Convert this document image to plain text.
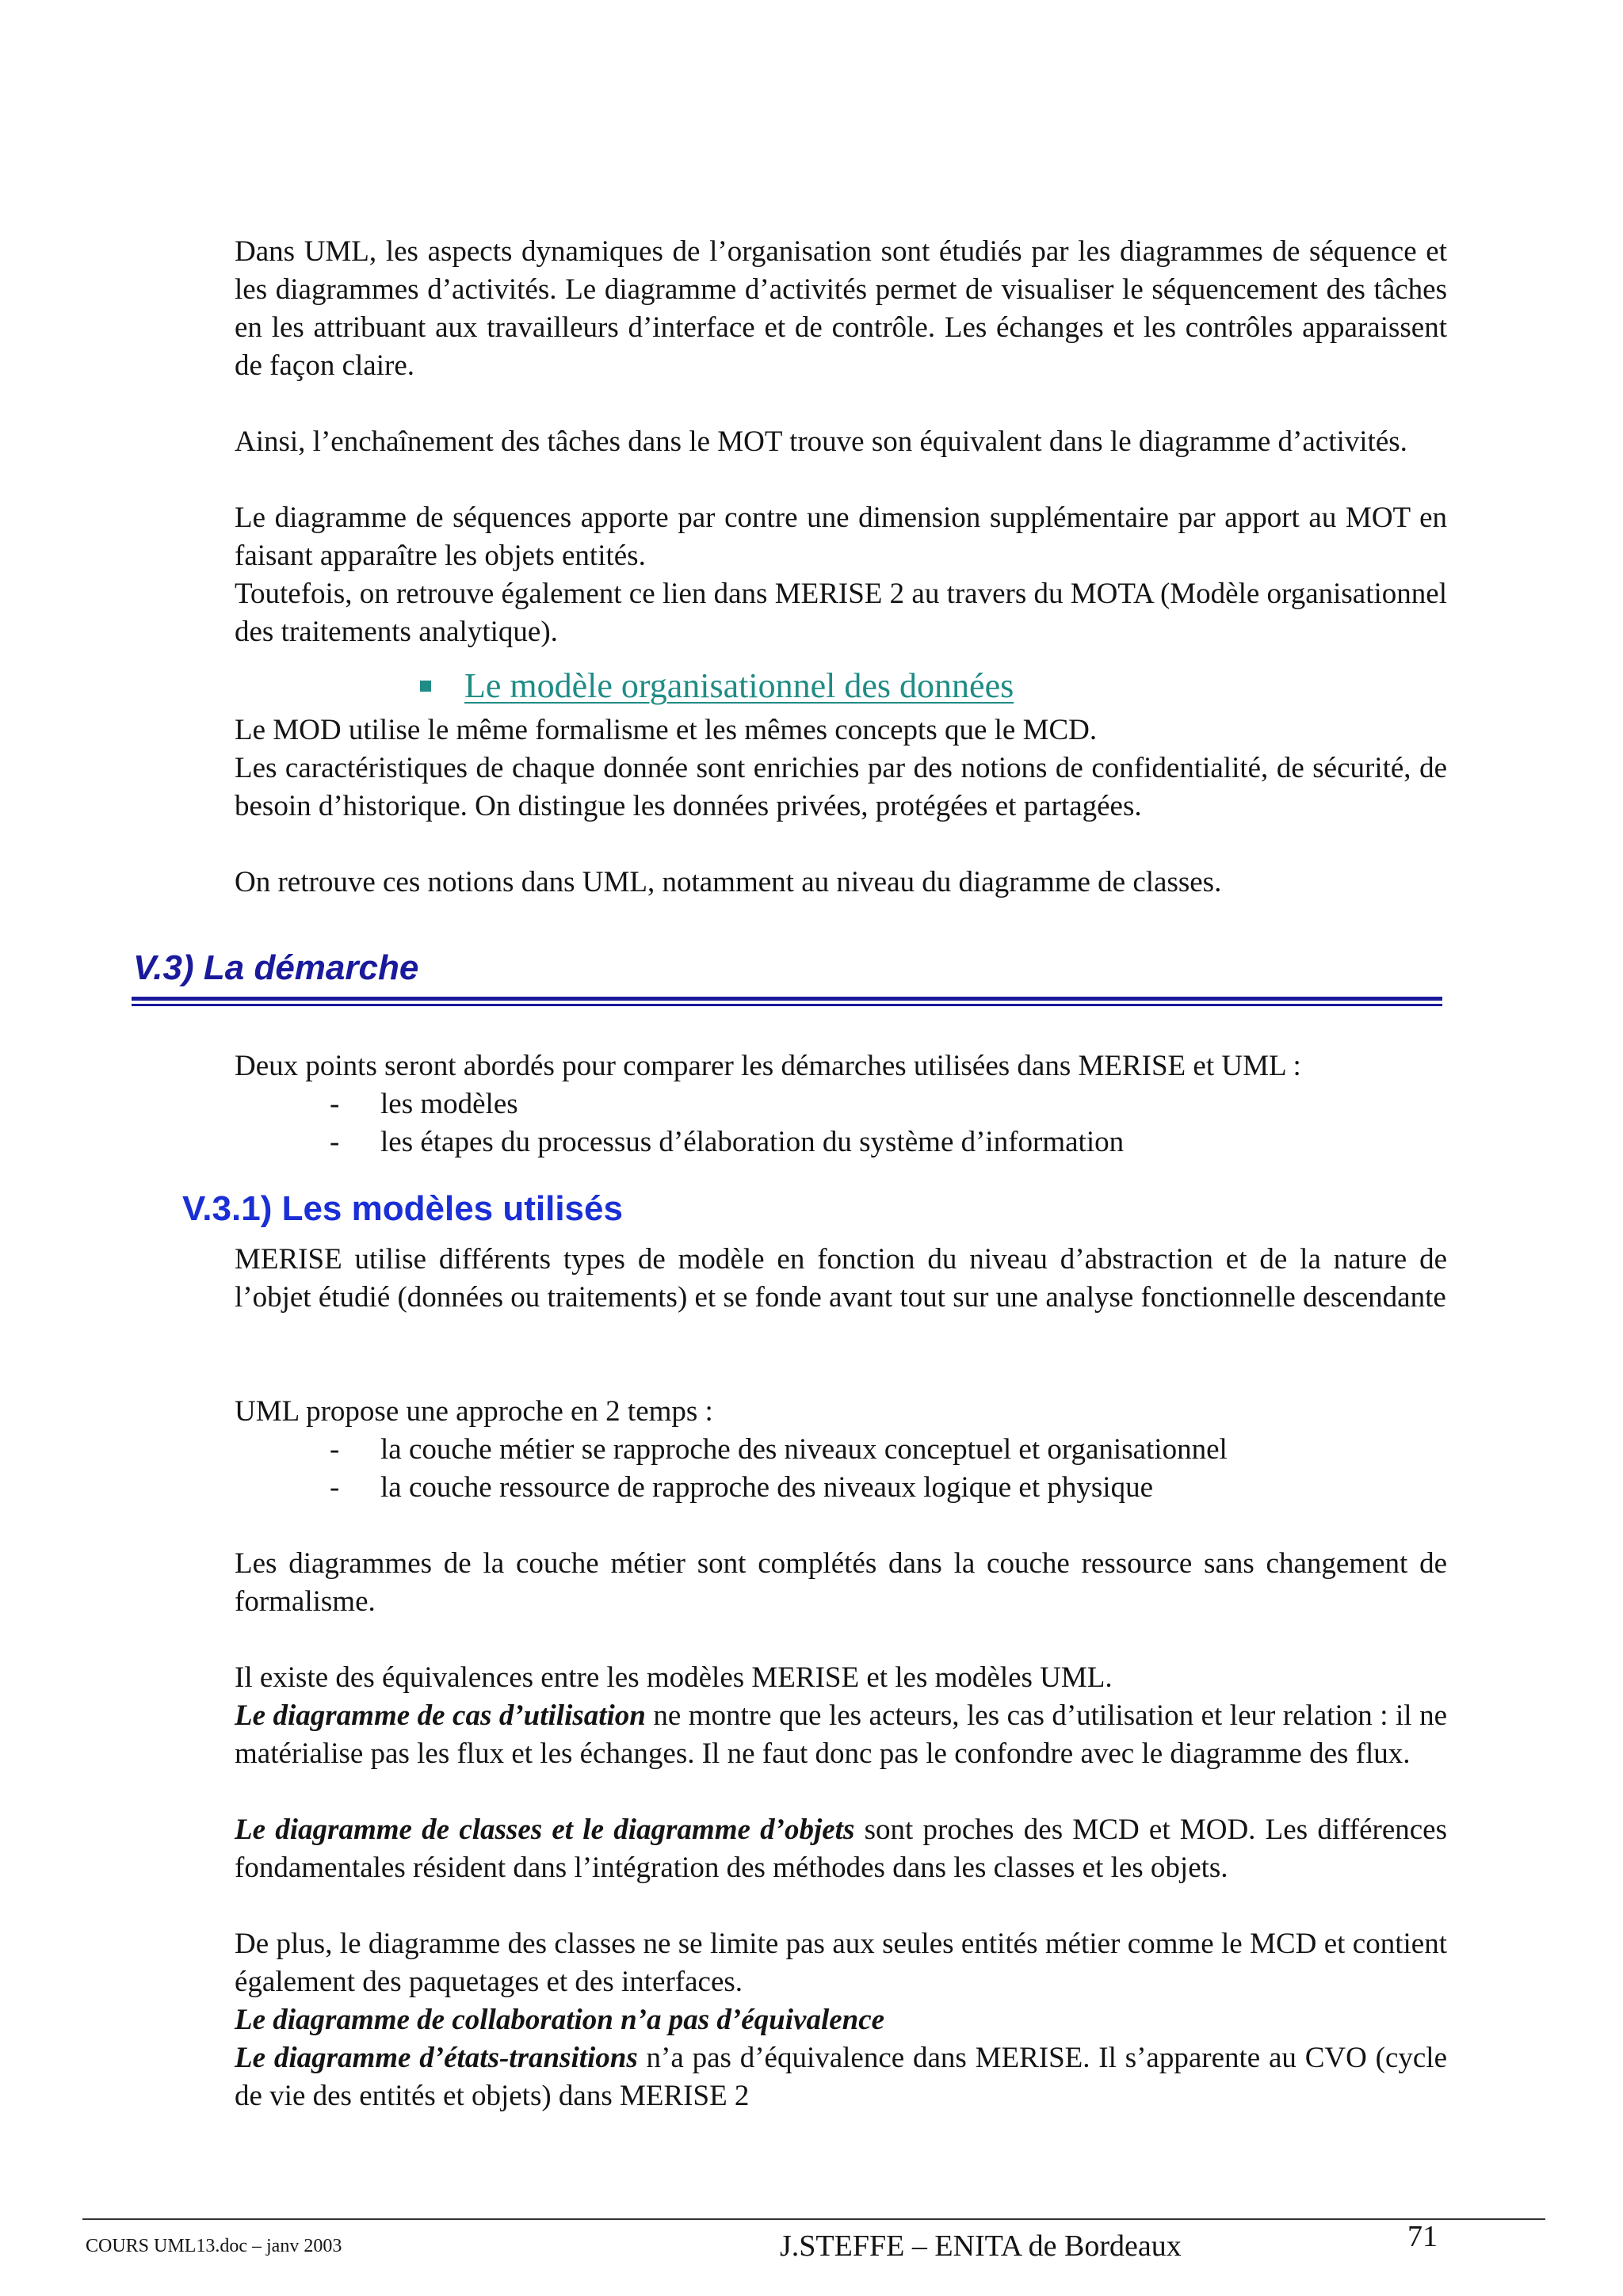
Dans UML, les aspects dynamiques de l’organisation sont étudiés par les diagrammes de séquence et les diagrammes d’activités. Le diagramme d’activités permet de visualiser le séquencement des tâches en les attribuant aux travailleurs d’interface et de contrôle. Les échanges et les contrôles apparaissent de façon claire.
Ainsi, l’enchaînement des tâches dans le MOT trouve son équivalent dans le diagramme d’activités.
Le diagramme de séquences apporte par contre une dimension supplémentaire par apport au MOT en faisant apparaître les objets entités.
Toutefois, on retrouve également ce lien dans MERISE 2 au travers du MOTA (Modèle organisationnel des traitements analytique).
Le modèle organisationnel des données
Le MOD utilise le même formalisme et les mêmes concepts que le MCD.
Les caractéristiques de chaque donnée sont enrichies par des notions de confidentialité, de sécurité, de besoin d’historique. On distingue les données privées, protégées et partagées.
On retrouve ces notions dans UML, notamment au niveau du diagramme de classes.
V.3) La démarche
Deux points seront abordés pour comparer les démarches utilisées dans MERISE et UML :
- les modèles
- les étapes du processus d’élaboration du système d’information
V.3.1) Les modèles utilisés
MERISE utilise différents types de modèle en fonction du niveau d’abstraction et de la nature de l’objet étudié (données ou traitements) et se fonde avant tout sur une analyse fonctionnelle descendante
UML propose une approche en 2 temps :
- la couche métier se rapproche des niveaux conceptuel et organisationnel
- la couche ressource de rapproche des niveaux logique et physique
Les diagrammes de la couche métier sont complétés dans la couche ressource sans changement de formalisme.
Il existe des équivalences entre les modèles MERISE et les modèles UML.
Le diagramme de cas d’utilisation ne montre que les acteurs, les cas d’utilisation et leur relation : il ne matérialise pas les flux et les échanges. Il ne faut donc pas le confondre avec le diagramme des flux.
Le diagramme de classes et le diagramme d’objets sont proches des MCD et MOD. Les différences fondamentales résident dans l’intégration des méthodes dans les classes et les objets.
De plus, le diagramme des classes ne se limite pas aux seules entités métier comme le MCD et contient également des paquetages et des interfaces.
Le diagramme de collaboration n’a pas d’équivalence
Le diagramme d’états-transitions n’a pas d’équivalence dans MERISE. Il s’apparente au CVO (cycle de vie des entités et objets) dans MERISE 2
COURS UML13.doc – janv 2003	J.STEFFE – ENITA de Bordeaux	71
